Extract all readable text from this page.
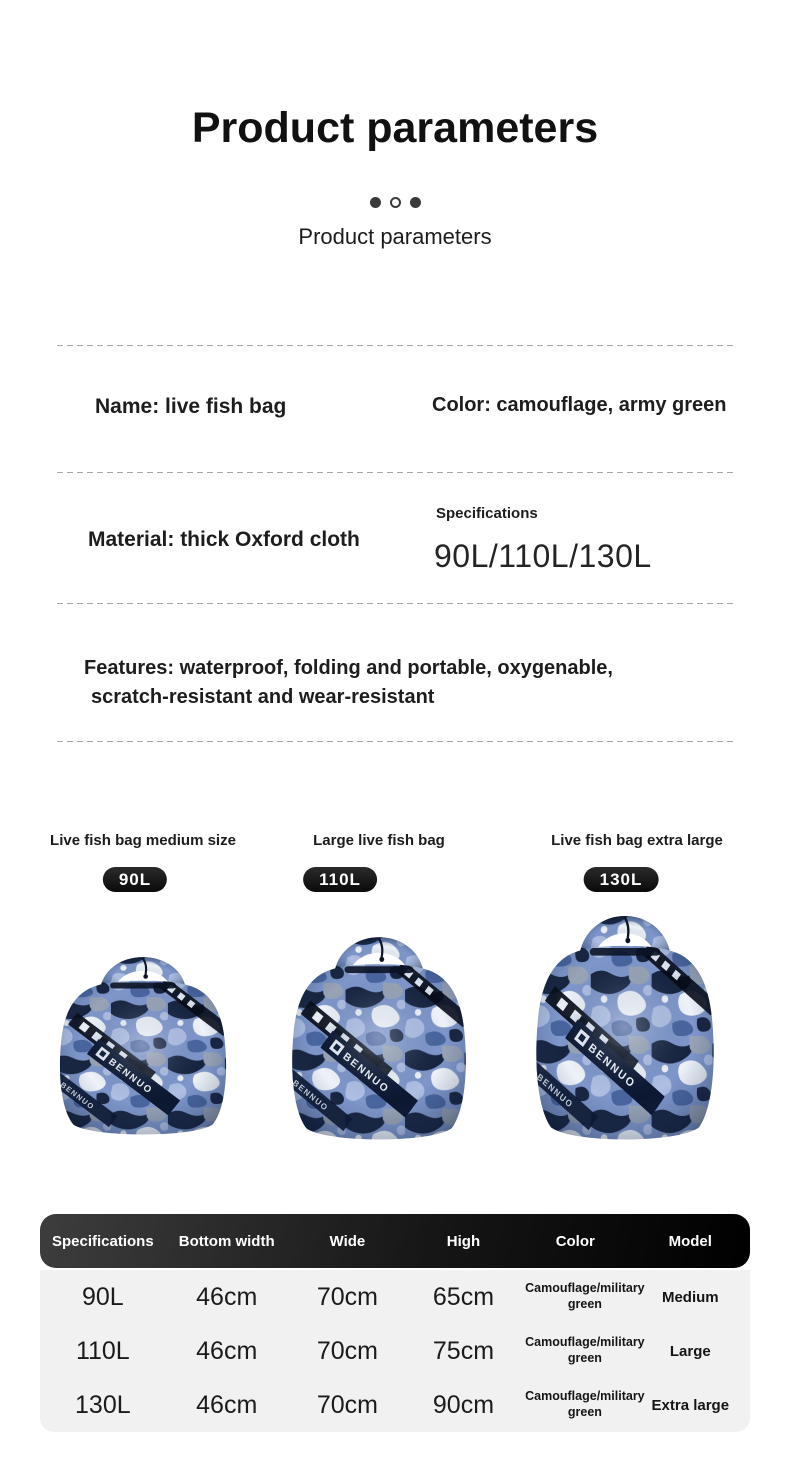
Product parameters
Product parameters
Name: live fish bag	Color: camouflage, army green
Material: thick Oxford cloth
Specifications
90L/110L/130L
Features: waterproof, folding and portable, oxygenable,
scratch-resistant and wear-resistant
Live fish bag medium size	Large live fish bag	Live fish bag extra large
90L	110L	130L
Specifications	Bottom width	Wide	High	Color	Model
90L	46cm	70cm	65cm	Camouflage/military green	Medium
110L	46cm	70cm	75cm	Camouflage/military green	Large
130L	46cm	70cm	90cm	Camouflage/military green	Extra large
